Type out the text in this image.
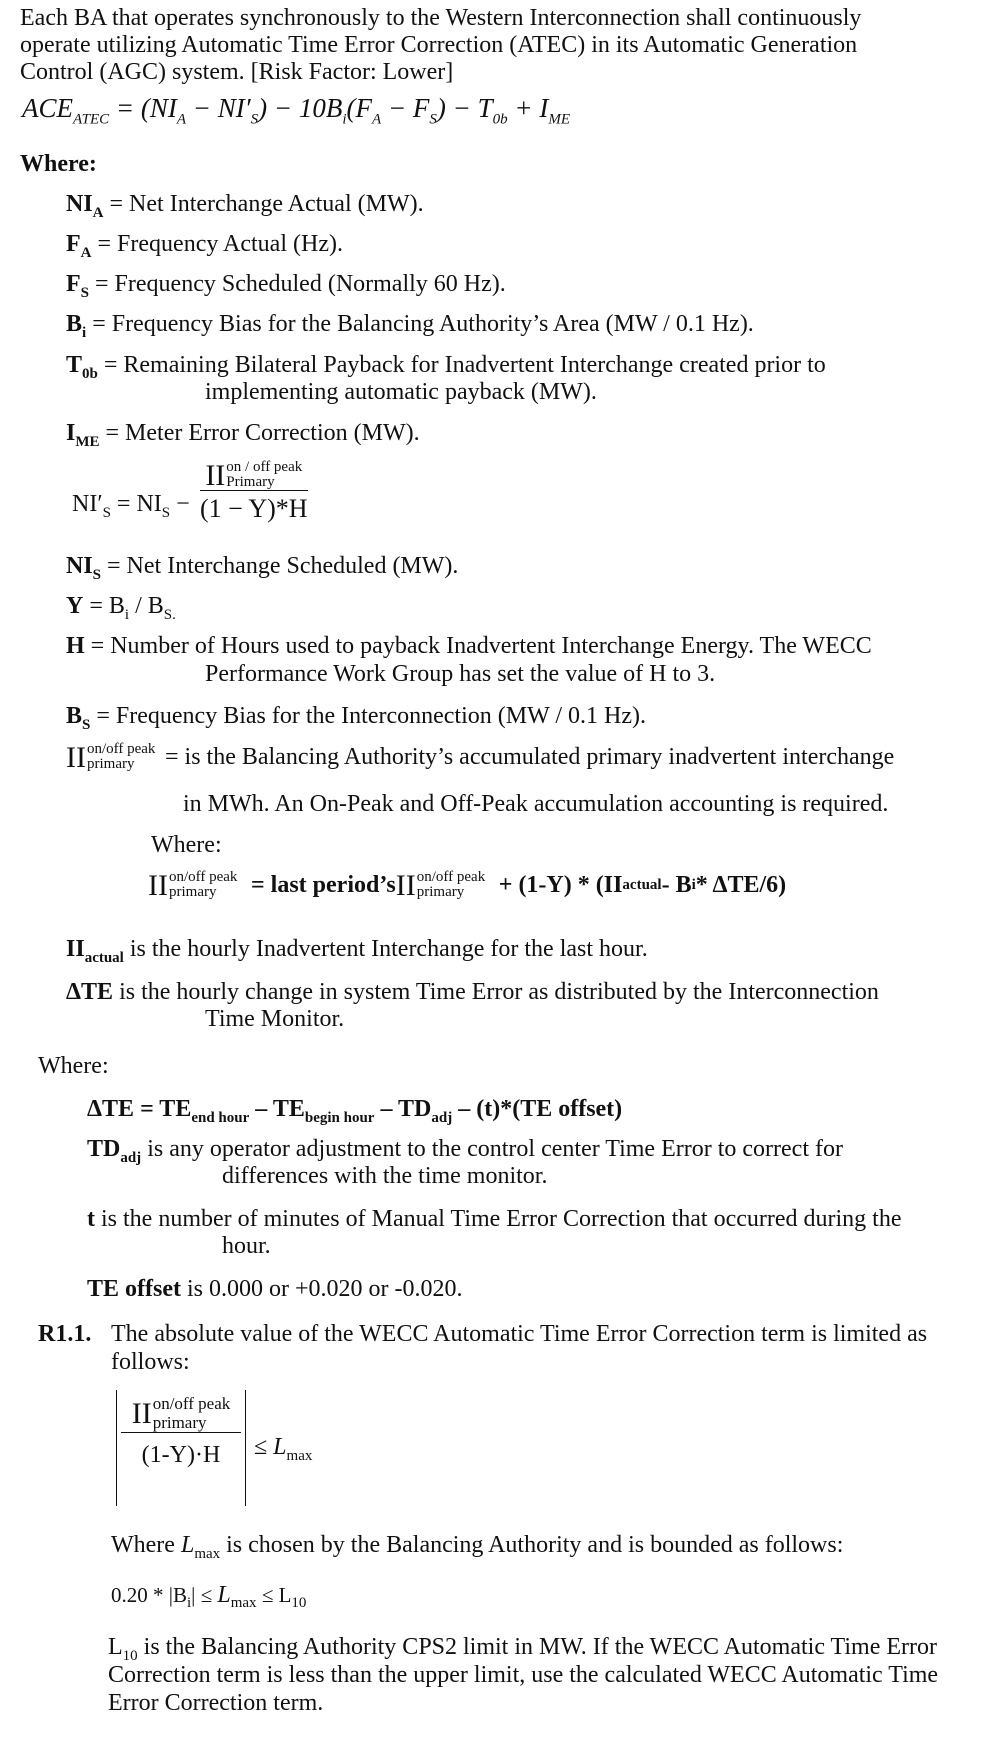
Each BA that operates synchronously to the Western Interconnection shall continuously
operate utilizing Automatic Time Error Correction (ATEC) in its Automatic Generation
Control (AGC) system. [Risk Factor: Lower]
$ACE_{ATEC} = (NI_A - NI'_S) - 10B_i(F_A - F_S) - T_{0b} + I_{ME}$
Where:
$NI_A$ = Net Interchange Actual (MW).
$F_A$ = Frequency Actual (Hz).
$F_S$ = Frequency Scheduled (Normally 60 Hz).
$B_i$ = Frequency Bias for the Balancing Authority’s Area (MW / 0.1 Hz).
$T_{0b}$ = Remaining Bilateral Payback for Inadvertent Interchange created prior to
implementing automatic payback (MW).
$I_{ME}$ = Meter Error Correction (MW).
$NI'_S = NI_S$ −
II on / off peak
Primary
(1 − Y)*H
$NI_S$ = Net Interchange Scheduled (MW).
$Y = B_i / B_{S.}$
H = Number of Hours used to payback Inadvertent Interchange Energy. The WECC
Performance Work Group has set the value of H to 3.
$B_S$ = Frequency Bias for the Interconnection (MW / 0.1 Hz).
II on/off peak
primary	= is the Balancing Authority’s accumulated primary inadvertent interchange
in MWh. An On-Peak and Off-Peak accumulation accounting is required.
Where:
II on/off peak
primary	= last period’s II on/off peak
primary	+ (1-Y) * (II actual - B i * ΔTE/6)
$II_{actual}$ is the hourly Inadvertent Interchange for the last hour.
ΔTE is the hourly change in system Time Error as distributed by the Interconnection
Time Monitor.
Where:
$\Delta TE = TE_{end hour} - TE_{begin hour} - TD_{adj} - (t)*(TE$ offset)
$TD_{adj}$ is any operator adjustment to the control center Time Error to correct for
differences with the time monitor.
t is the number of minutes of Manual Time Error Correction that occurred during the
hour.
TE offset is 0.000 or +0.020 or -0.020.
R1.1. The absolute value of the WECC Automatic Time Error Correction term is limited as
follows:
II on/off peak
primary
$(1-Y)\cdot H \le L_{max}$
Where $L_{max}$ is chosen by the Balancing Authority and is bounded as follows:
$0.20 * |B_i| \le L_{max} \le L_{10}$
$L_{10}$ is the Balancing Authority CPS2 limit in MW. If the WECC Automatic Time Error
Correction term is less than the upper limit, use the calculated WECC Automatic Time
Error Correction term.
